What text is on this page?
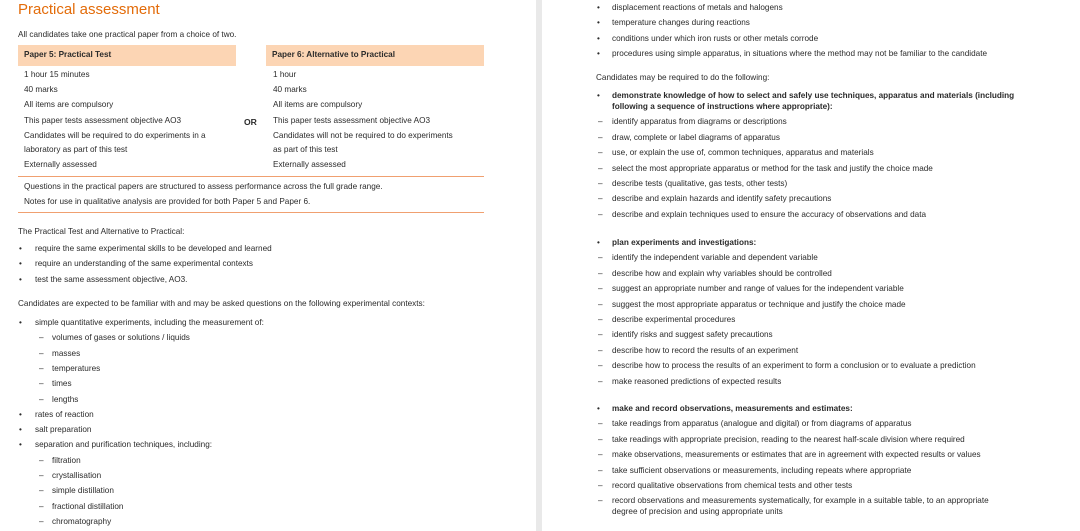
Practical assessment
All candidates take one practical paper from a choice of two.
Paper 5: Practical Test	Paper 6: Alternative to Practical
1 hour 15 minutes
40 marks
All items are compulsory
This paper tests assessment objective AO3
Candidates will be required to do experiments in a
laboratory as part of this test
Externally assessed
OR
1 hour
40 marks
All items are compulsory
This paper tests assessment objective AO3
Candidates will not be required to do experiments
as part of this test
Externally assessed
Questions in the practical papers are structured to assess performance across the full grade range.
Notes for use in qualitative analysis are provided for both Paper 5 and Paper 6.
The Practical Test and Alternative to Practical:
• require the same experimental skills to be developed and learned
• require an understanding of the same experimental contexts
• test the same assessment objective, AO3.
Candidates are expected to be familiar with and may be asked questions on the following experimental contexts:
• simple quantitative experiments, including the measurement of:
– volumes of gases or solutions / liquids
– masses
– temperatures
– times
– lengths
• rates of reaction
• salt preparation
• separation and purification techniques, including:
– filtration
– crystallisation
– simple distillation
– fractional distillation
– chromatography
• displacement reactions of metals and halogens
• temperature changes during reactions
• conditions under which iron rusts or other metals corrode
• procedures using simple apparatus, in situations where the method may not be familiar to the candidate
Candidates may be required to do the following:
• demonstrate knowledge of how to select and safely use techniques, apparatus and materials (including
following a sequence of instructions where appropriate):
– identify apparatus from diagrams or descriptions
– draw, complete or label diagrams of apparatus
– use, or explain the use of, common techniques, apparatus and materials
– select the most appropriate apparatus or method for the task and justify the choice made
– describe tests (qualitative, gas tests, other tests)
– describe and explain hazards and identify safety precautions
– describe and explain techniques used to ensure the accuracy of observations and data
• plan experiments and investigations:
– identify the independent variable and dependent variable
– describe how and explain why variables should be controlled
– suggest an appropriate number and range of values for the independent variable
– suggest the most appropriate apparatus or technique and justify the choice made
– describe experimental procedures
– identify risks and suggest safety precautions
– describe how to record the results of an experiment
– describe how to process the results of an experiment to form a conclusion or to evaluate a prediction
– make reasoned predictions of expected results
• make and record observations, measurements and estimates:
– take readings from apparatus (analogue and digital) or from diagrams of apparatus
– take readings with appropriate precision, reading to the nearest half-scale division where required
– make observations, measurements or estimates that are in agreement with expected results or values
– take sufficient observations or measurements, including repeats where appropriate
– record qualitative observations from chemical tests and other tests
– record observations and measurements systematically, for example in a suitable table, to an appropriate
degree of precision and using appropriate units
